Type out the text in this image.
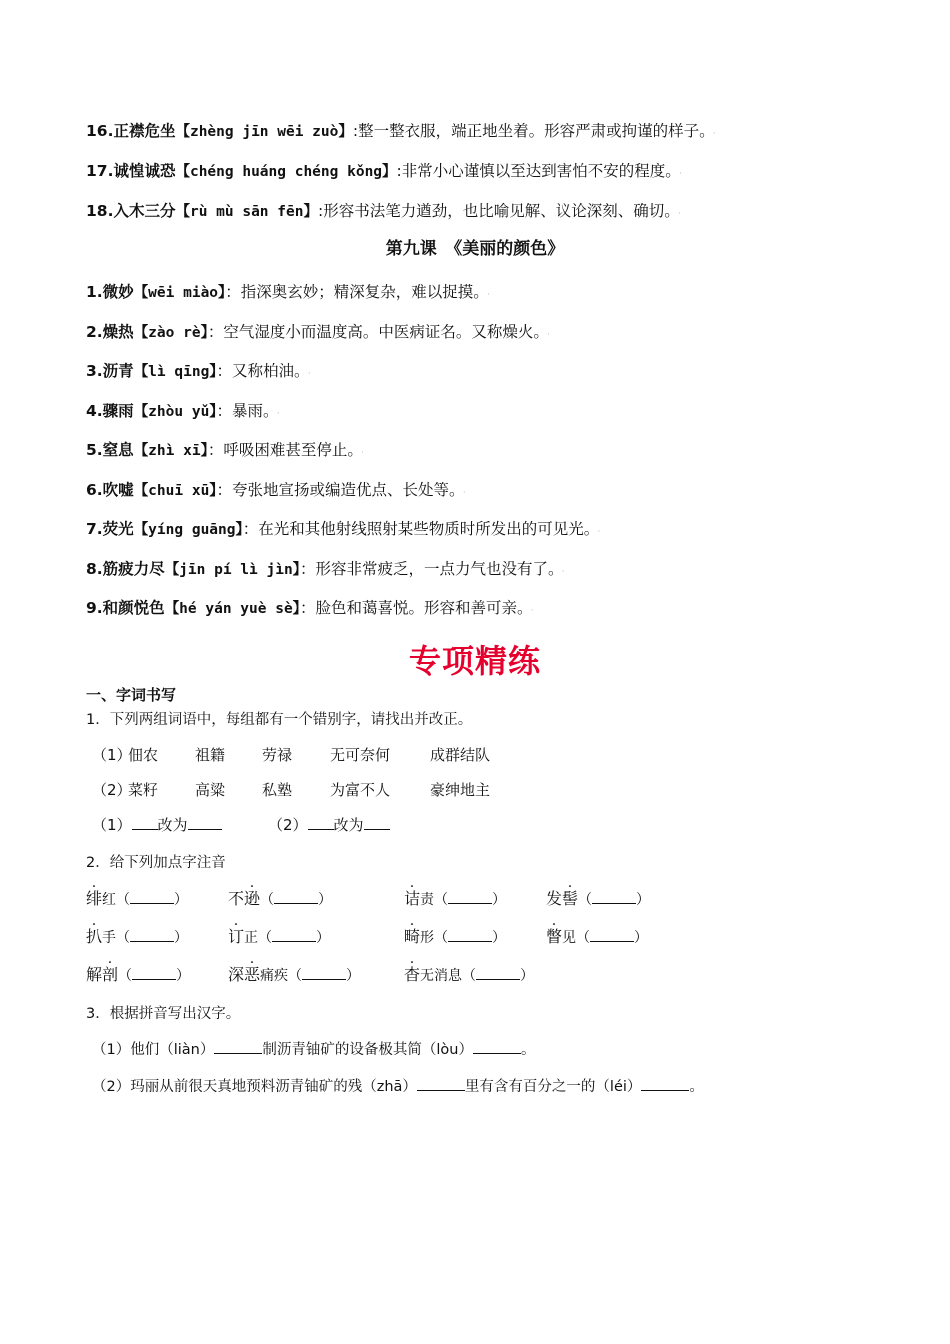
16.正襟危坐【zhèng jīn wēi zuò】:整一整衣服，端正地坐着。形容严肃或拘谨的样子。 ·
17.诚惶诚恐【chéng huáng chéng kǒng】:非常小心谨慎以至达到害怕不安的程度。 ·
18.入木三分【rù mù sān fēn】:形容书法笔力遒劲，也比喻见解、议论深刻、确切。 ·
第九课　《美丽的颜色》
1.微妙【wēi miào】：指深奥玄妙；精深复杂，难以捉摸。 ·
2.燥热【zào rè】：空气湿度小而温度高。中医病证名。又称燥火。 ·
3.沥青【lì qīng】：又称柏油。 ·
4.骤雨【zhòu yǔ】：暴雨。 ·
5.窒息【zhì xī】：呼吸困难甚至停止。 ·
6.吹嘘【chuī xū】：夸张地宣扬或编造优点、长处等。 ·
7.荧光【yíng guāng】：在光和其他射线照射某些物质时所发出的可见光。 ·
8.筋疲力尽【jīn pí lì jìn】：形容非常疲乏，一点力气也没有了。 ·
9.和颜悦色【hé yán yuè sè】：脸色和蔼喜悦。形容和善可亲。 ·
专项精练
一、字词书写
1．下列两组词语中，每组都有一个错别字，请找出并改正。
（1）
佃农 祖籍 劳禄	无可奈何	成群结队
（2）
菜籽 高粱 私塾	为富不人	豪绅地主
（1） 改为	（2） 改为
2．给下列加点字注音
绯红（	） 不逊（	）	诘责（	） 发髻（	）
扒手（	） 订正（	）	畸形（	） 瞥见（	）
解剖（	） 深恶痛疾（	）	杳无消息（	）
3．根据拼音写出汉字。
（1）他们（liàn）	制沥青铀矿的设备极其简（lòu）	。
（2）玛丽从前很天真地预料沥青铀矿的残（zhā）	里有含有百分之一的（léi）	。
